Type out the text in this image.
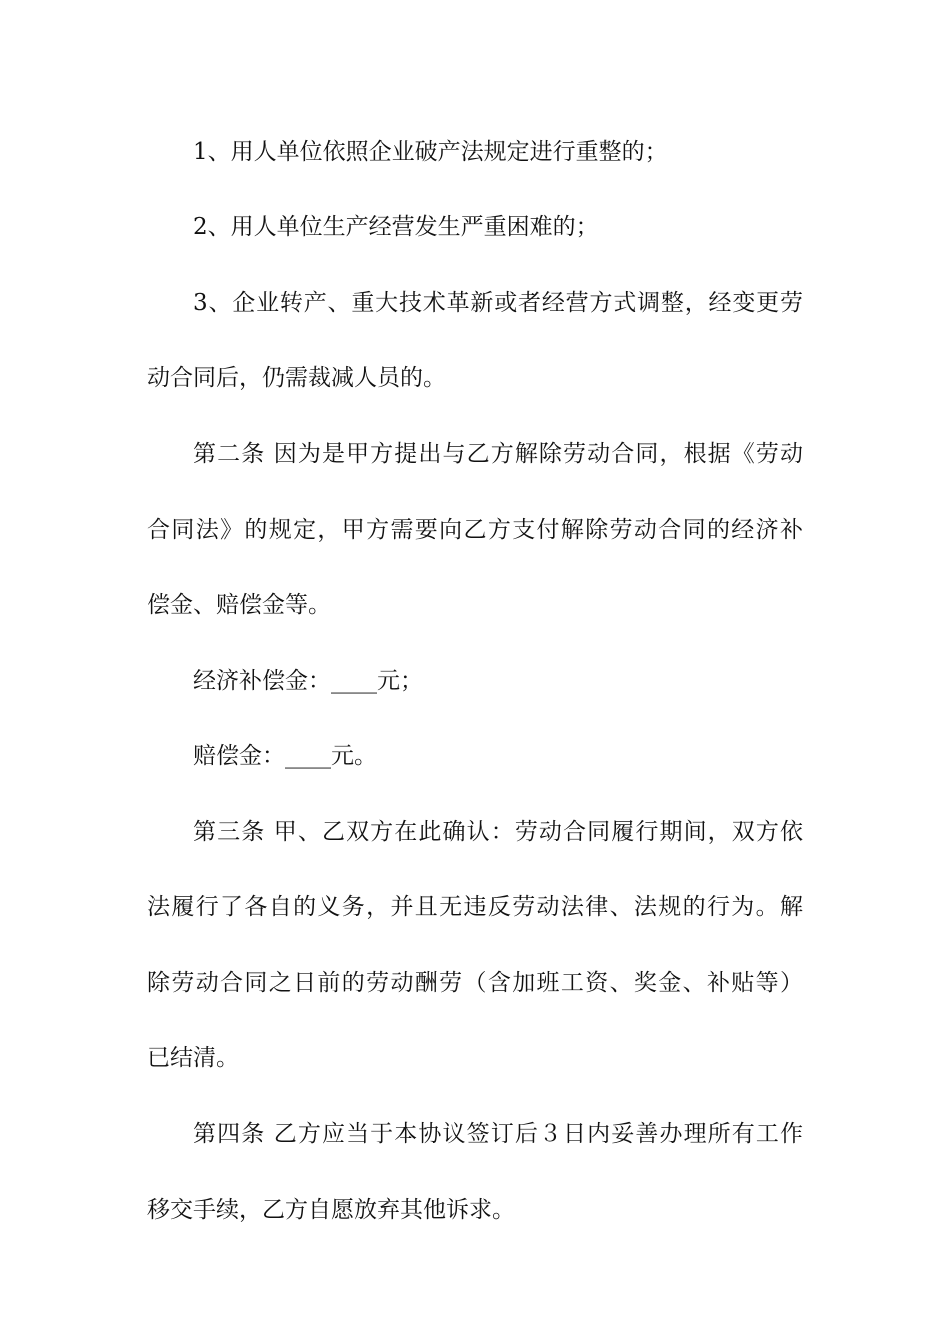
1、用人单位依照企业破产法规定进行重整的；
2、用人单位生产经营发生严重困难的；
3、企业转产、重大技术革新或者经营方式调整，经变更劳
动合同后，仍需裁减人员的。
第二条 因为是甲方提出与乙方解除劳动合同，根据《劳动
合同法》的规定，甲方需要向乙方支付解除劳动合同的经济补
偿金、赔偿金等。
经济补偿金：____元；
赔偿金：____元。
第三条 甲、乙双方在此确认：劳动合同履行期间，双方依
法履行了各自的义务，并且无违反劳动法律、法规的行为。解
除劳动合同之日前的劳动酬劳（含加班工资、奖金、补贴等）
已结清。
第四条 乙方应当于本协议签订后３日内妥善办理所有工作
移交手续，乙方自愿放弃其他诉求。
